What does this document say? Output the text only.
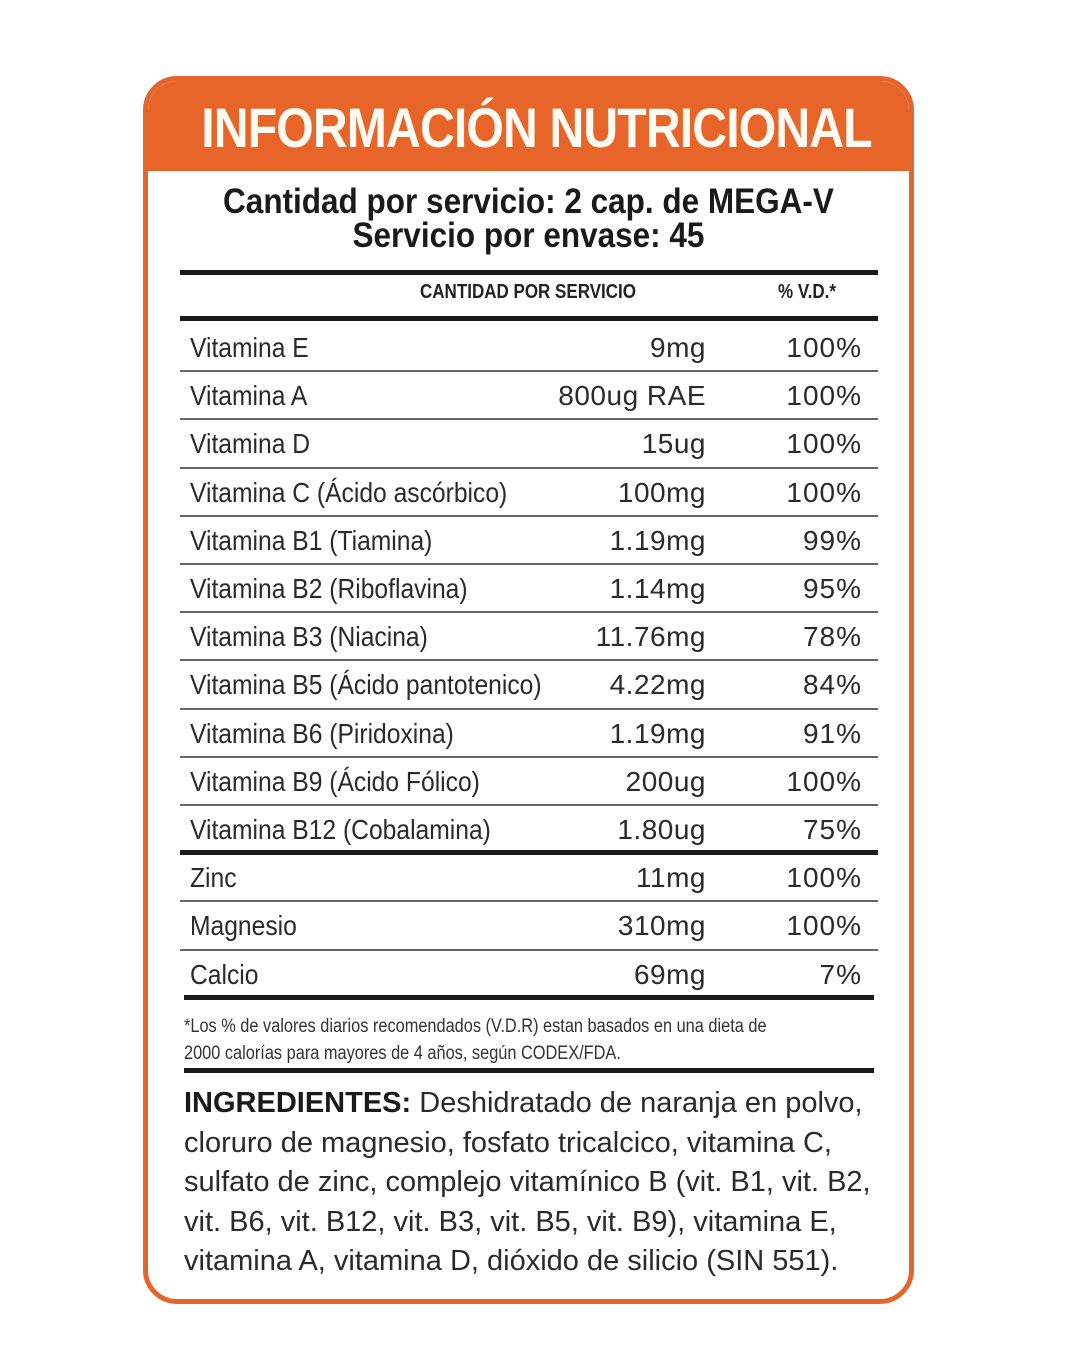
INFORMACIÓN NUTRICIONAL
Cantidad por servicio: 2 cap. de MEGA-V
Servicio por envase: 45
CANTIDAD POR SERVICIO	% V.D.*
*Los % de valores diarios recomendados (V.D.R) estan basados en una dieta de
2000 calorías para mayores de 4 años, según CODEX/FDA.
INGREDIENTES: Deshidratado de naranja en polvo,
cloruro de magnesio, fosfato tricalcico, vitamina C,
sulfato de zinc, complejo vitamínico B (vit. B1, vit. B2,
vit. B6, vit. B12, vit. B3, vit. B5, vit. B9), vitamina E,
vitamina A, vitamina D, dióxido de silicio (SIN 551).
Vitamina E	9mg	100%
Vitamina A	800ug RAE	100%
Vitamina D	15ug	100%
Vitamina C (Ácido ascórbico)	100mg	100%
Vitamina B1 (Tiamina)	1.19mg	99%
Vitamina B2 (Riboflavina)	1.14mg	95%
Vitamina B3 (Niacina)	11.76mg	78%
Vitamina B5 (Ácido pantotenico) 4.22mg	84%
Vitamina B6 (Piridoxina)	1.19mg	91%
Vitamina B9 (Ácido Fólico)	200ug	100%
Vitamina B12 (Cobalamina)	1.80ug	75%
Zinc	11mg	100%
Magnesio	310mg	100%
Calcio	69mg	7%
